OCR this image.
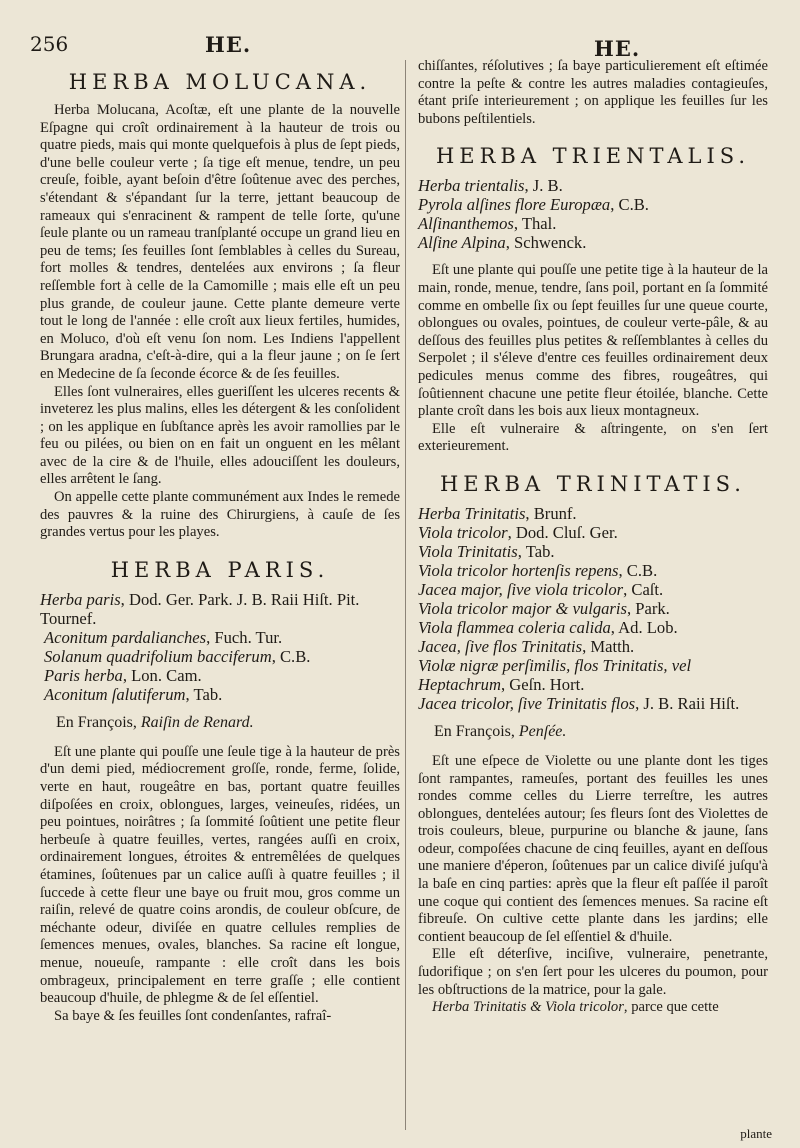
256	HE.	HE.
HERBA MOLUCANA.

Herba Molucana, Acoſtæ, eſt une plante de la nouvelle Eſpagne qui croît ordinairement à la hauteur de trois ou quatre pieds, mais qui monte quelquefois à plus de ſept pieds, d'une belle couleur verte ; ſa tige eſt menue, tendre, un peu creuſe, foible, ayant beſoin d'être ſoûtenue avec des perches, s'étendant & s'épandant ſur la terre, jettant beaucoup de rameaux qui s'enracinent & rampent de telle ſorte, qu'une ſeule plante ou un rameau tranſplanté occupe un grand lieu en peu de tems; ſes feuilles ſont ſemblables à celles du Sureau, fort molles & tendres, dentelées aux environs ; ſa fleur reſſemble fort à celle de la Camomille ; mais elle eſt un peu plus grande, de couleur jaune. Cette plante demeure verte tout le long de l'année : elle croît aux lieux fertiles, humides, en Moluco, d'où eſt venu ſon nom. Les Indiens l'appellent Brungara aradna, c'eſt-à-dire, qui a la fleur jaune ; on ſe ſert en Medecine de ſa ſeconde écorce & de ſes feuilles.

Elles ſont vulneraires, elles gueriſſent les ulceres recents & inveterez les plus malins, elles les détergent & les conſolident ; on les applique en ſubſtance après les avoir ramollies par le feu ou pilées, ou bien on en fait un onguent en les mêlant avec de la cire & de l'huile, elles adouciſſent les douleurs, elles arrêtent le ſang.

On appelle cette plante communément aux Indes le remede des pauvres & la ruine des Chirurgiens, à cauſe de ſes grandes vertus pour les playes.

HERBA PARIS.
Herba paris, Dod. Ger. Park. J. B. Raii Hiſt. Pit. Tournef.
Aconitum pardalianches, Fuch. Tur.
Solanum quadrifolium bacciferum, C.B.
Paris herba, Lon. Cam.
Aconitum ſalutiferum, Tab.
En François, Raiſin de Renard.

Eſt une plante qui pouſſe une ſeule tige à la hauteur de près d'un demi pied, médiocrement groſſe, ronde, ferme, ſolide, verte en haut, rougeâtre en bas, portant quatre feuilles diſpoſées en croix, oblongues, larges, veineuſes, ridées, un peu pointues, noirâtres ; ſa ſommité ſoûtient une petite fleur herbeuſe à quatre feuilles, vertes, rangées auſſi en croix, ordinairement longues, étroites & entremêlées de quelques étamines, ſoûtenues par un calice auſſi à quatre feuilles ; il ſuccede à cette fleur une baye ou fruit mou, gros comme un raiſin, relevé de quatre coins arondis, de couleur obſcure, de méchante odeur, diviſée en quatre cellules remplies de ſemences menues, ovales, blanches. Sa racine eſt longue, menue, noueuſe, rampante : elle croît dans les bois ombrageux, principalement en terre graſſe ; elle contient beaucoup d'huile, de phlegme & de ſel eſſentiel.

Sa baye & ſes feuilles ſont condenſantes, rafraî-

chiſſantes, réſolutives ; ſa baye particulierement eſt eſtimée contre la peſte & contre les autres maladies contagieuſes, étant priſe interieurement ; on applique les feuilles ſur les bubons peſtilentiels.

HERBA TRIENTALIS.
Herba trientalis, J. B.
Pyrola alſines flore Europæa, C.B.
Alſinanthemos, Thal.
Alſine Alpina, Schwenck.

Eſt une plante qui pouſſe une petite tige à la hauteur de la main, ronde, menue, tendre, ſans poil, portant en ſa ſommité comme en ombelle ſix ou ſept feuilles ſur une queue courte, oblongues ou ovales, pointues, de couleur verte-pâle, & au deſſous des feuilles plus petites & reſſemblantes à celles du Serpolet ; il s'éleve d'entre ces feuilles ordinairement deux pedicules menus comme des fibres, rougeâtres, qui ſoûtiennent chacune une petite fleur étoilée, blanche. Cette plante croît dans les bois aux lieux montagneux.

Elle eſt vulneraire & aſtringente, on s'en ſert exterieurement.

HERBA TRINITATIS.
Herba Trinitatis, Brunf.
Viola tricolor, Dod. Cluſ. Ger.
Viola Trinitatis, Tab.
Viola tricolor hortenſis repens, C.B.
Jacea major, ſive viola tricolor, Caſt.
Viola tricolor major & vulgaris, Park.
Viola flammea coleria calida, Ad. Lob.
Jacea, ſive flos Trinitatis, Matth.
Violæ nigræ perſimilis, flos Trinitatis, vel Heptachrum, Geſn. Hort.
Jacea tricolor, ſive Trinitatis flos, J. B. Raii Hiſt.
En François, Penſée.

Eſt une eſpece de Violette ou une plante dont les tiges ſont rampantes, rameuſes, portant des feuilles les unes rondes comme celles du Lierre terreſtre, les autres oblongues, dentelées autour; ſes fleurs ſont des Violettes de trois couleurs, bleue, purpurine ou blanche & jaune, ſans odeur, compoſées chacune de cinq feuilles, ayant en deſſous une maniere d'éperon, ſoûtenues par un calice diviſé juſqu'à la baſe en cinq parties: après que la fleur eſt paſſée il paroît une coque qui contient des ſemences menues. Sa racine eſt fibreuſe. On cultive cette plante dans les jardins; elle contient beaucoup de ſel eſſentiel & d'huile.

Elle eſt déterſive, inciſive, vulneraire, penetrante, ſudorifique ; on s'en ſert pour les ulceres du poumon, pour les obſtructions de la matrice, pour la gale.

Herba Trinitatis & Viola tricolor, parce que cette

plante
